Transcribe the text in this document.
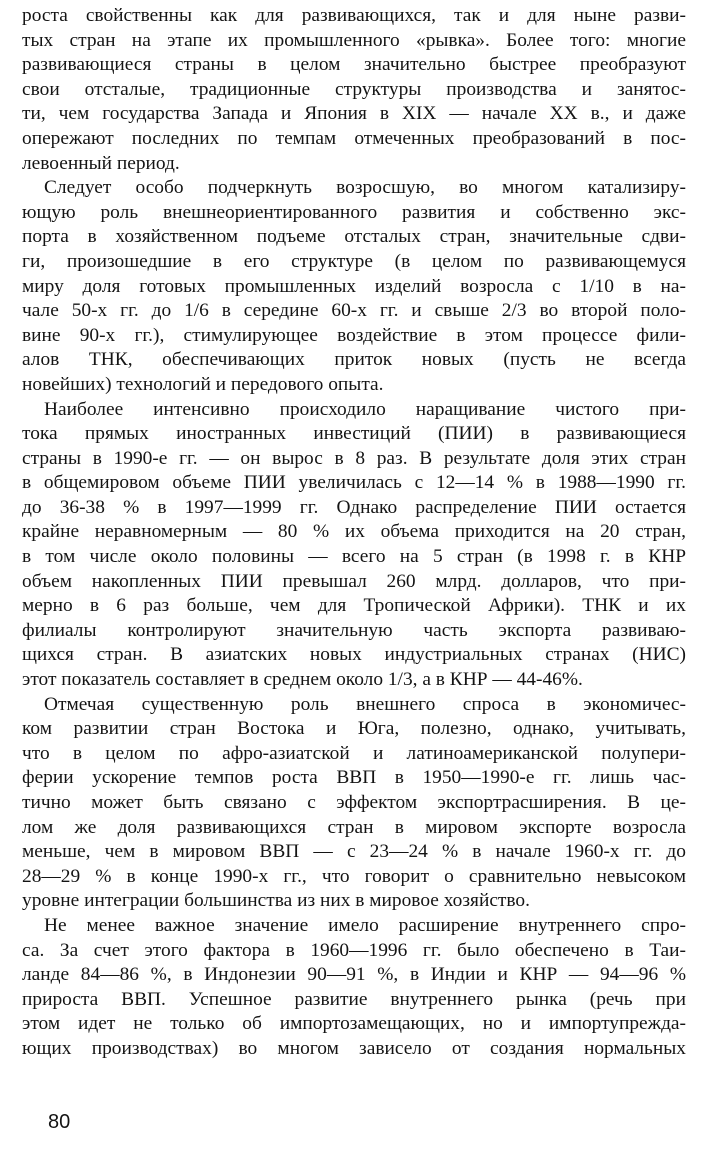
роста свойственны как для развивающихся, так и для ныне разви-
тых стран на этапе их промышленного «рывка». Более того: многие
развивающиеся страны в целом значительно быстрее преобразуют
свои отсталые, традиционные структуры производства и занятос-
ти, чем государства Запада и Япония в XIX — начале XX в., и даже
опережают последних по темпам отмеченных преобразований в пос-
левоенный период.
Следует особо подчеркнуть возросшую, во многом катализиру-
ющую роль внешнеориентированного развития и собственно экс-
порта в хозяйственном подъеме отсталых стран, значительные сдви-
ги, произошедшие в его структуре (в целом по развивающемуся
миру доля готовых промышленных изделий возросла с 1/10 в на-
чале 50-х гг. до 1/6 в середине 60-х гг. и свыше 2/3 во второй поло-
вине 90-х гг.), стимулирующее воздействие в этом процессе фили-
алов ТНК, обеспечивающих приток новых (пусть не всегда
новейших) технологий и передового опыта.
Наиболее интенсивно происходило наращивание чистого при-
тока прямых иностранных инвестиций (ПИИ) в развивающиеся
страны в 1990-е гг. — он вырос в 8 раз. В результате доля этих стран
в общемировом объеме ПИИ увеличилась с 12—14 % в 1988—1990 гг.
до 36-38 % в 1997—1999 гг. Однако распределение ПИИ остается
крайне неравномерным — 80 % их объема приходится на 20 стран,
в том числе около половины — всего на 5 стран (в 1998 г. в КНР
объем накопленных ПИИ превышал 260 млрд. долларов, что при-
мерно в 6 раз больше, чем для Тропической Африки). ТНК и их
филиалы контролируют значительную часть экспорта развиваю-
щихся стран. В азиатских новых индустриальных странах (НИС)
этот показатель составляет в среднем около 1/3, а в КНР — 44-46%.
Отмечая существенную роль внешнего спроса в экономичес-
ком развитии стран Востока и Юга, полезно, однако, учитывать,
что в целом по афро-азиатской и латиноамериканской полупери-
ферии ускорение темпов роста ВВП в 1950—1990-е гг. лишь час-
тично может быть связано с эффектом экспортрасширения. В це-
лом же доля развивающихся стран в мировом экспорте возросла
меньше, чем в мировом ВВП — с 23—24 % в начале 1960-х гг. до
28—29 % в конце 1990-х гг., что говорит о сравнительно невысоком
уровне интеграции большинства из них в мировое хозяйство.
Не менее важное значение имело расширение внутреннего спро-
са. За счет этого фактора в 1960—1996 гг. было обеспечено в Таи-
ланде 84—86 %, в Индонезии 90—91 %, в Индии и КНР — 94—96 %
прироста ВВП. Успешное развитие внутреннего рынка (речь при
этом идет не только об импортозамещающих, но и импортупрежда-
ющих производствах) во многом зависело от создания нормальных
80
